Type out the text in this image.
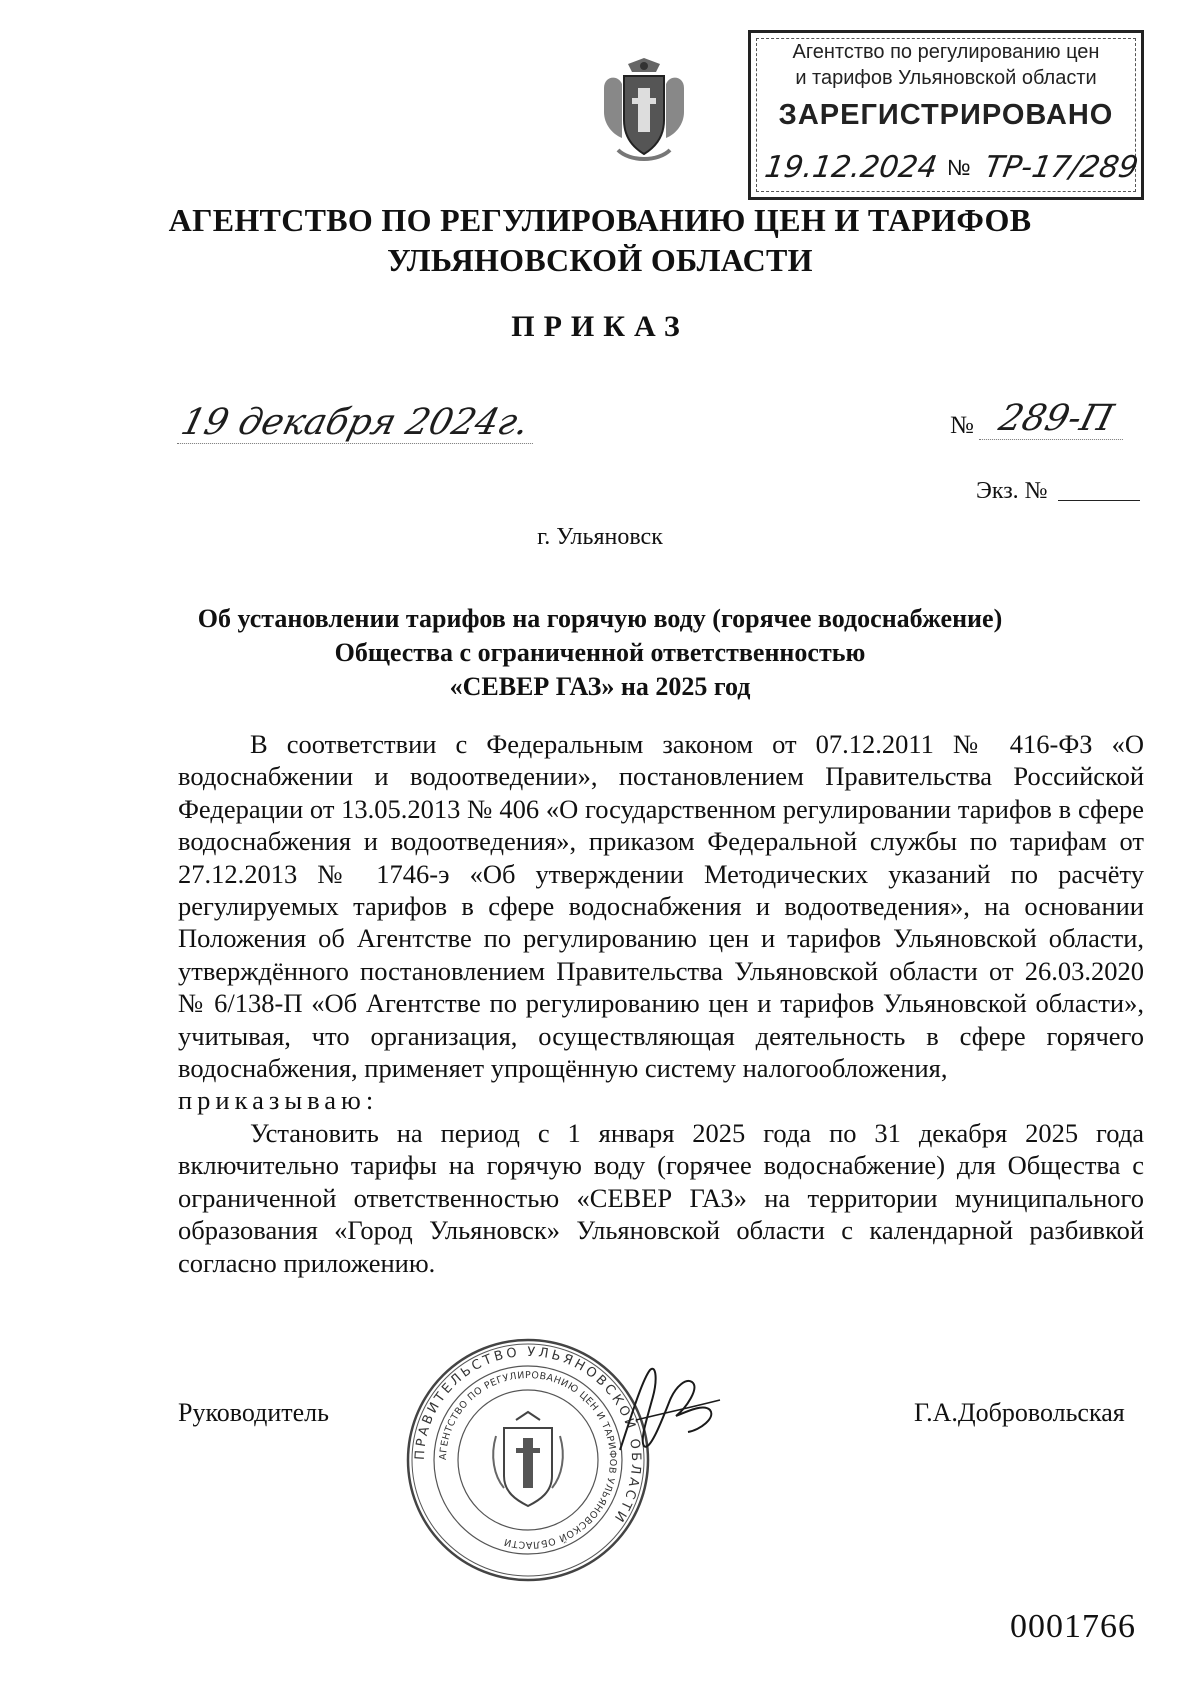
Агентство по регулированию цен
и тарифов Ульяновской области
ЗАРЕГИСТРИРОВАНО
19.12.2024 № ТР-17/289
АГЕНТСТВО ПО РЕГУЛИРОВАНИЮ ЦЕН И ТАРИФОВ
УЛЬЯНОВСКОЙ ОБЛАСТИ
ПРИКАЗ
19 декабря 2024г.	№ 289-П
Экз. №
г. Ульяновск
Об установлении тарифов на горячую воду (горячее водоснабжение)
Общества с ограниченной ответственностью
«СЕВЕР ГАЗ» на 2025 год

В соответствии с Федеральным законом от 07.12.2011 № 416-ФЗ «О водоснабжении и водоотведении», постановлением Правительства Российской Федерации от 13.05.2013 № 406 «О государственном регулировании тарифов в сфере водоснабжения и водоотведения», приказом Федеральной службы по тарифам от 27.12.2013 № 1746-э «Об утверждении Методических указаний по расчёту регулируемых тарифов в сфере водоснабжения и водоотведения», на основании Положения об Агентстве по регулированию цен и тарифов Ульяновской области, утверждённого постановлением Правительства Ульяновской области от 26.03.2020 № 6/138-П «Об Агентстве по регулированию цен и тарифов Ульяновской области», учитывая, что организация, осуществляющая деятельность в сфере горячего водоснабжения, применяет упрощённую систему налогообложения,

приказываю:

Установить на период с 1 января 2025 года по 31 декабря 2025 года включительно тарифы на горячую воду (горячее водоснабжение) для Общества с ограниченной ответственностью «СЕВЕР ГАЗ» на территории муниципального образования «Город Ульяновск» Ульяновской области с календарной разбивкой согласно приложению.

Руководитель	Г.А.Добровольская
ПРАВИТЕЛЬСТВО УЛЬЯНОВСКОЙ ОБЛАСТИ
АГЕНТСТВО ПО РЕГУЛИРОВАНИЮ ЦЕН И ТАРИФОВ УЛЬЯНОВСКОЙ ОБЛАСТИ
0001766
